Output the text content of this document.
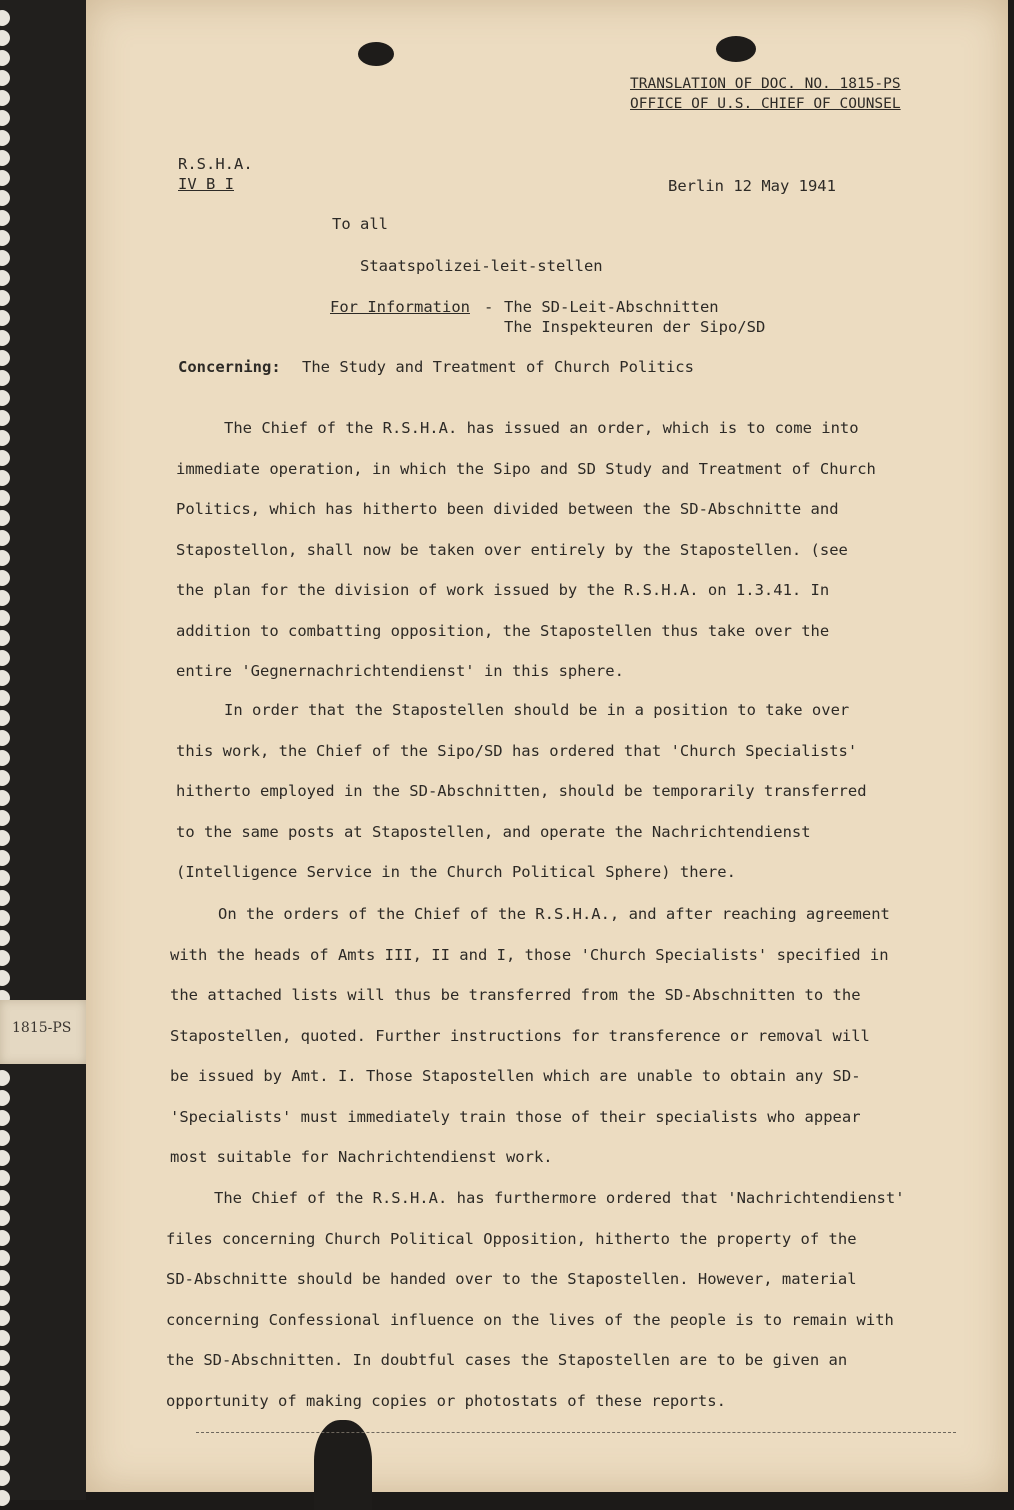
TRANSLATION OF DOC. NO. 1815-PS
OFFICE OF U.S. CHIEF OF COUNSEL
R.S.H.A.
IV B I	Berlin 12 May 1941
To all
Staatspolizei-leit-stellen
For Information - The SD-Leit-Abschnitten
The Inspekteuren der Sipo/SD
Concerning: The Study and Treatment of Church Politics
The Chief of the R.S.H.A. has issued an order, which is to come into
immediate operation, in which the Sipo and SD Study and Treatment of Church
Politics, which has hitherto been divided between the SD-Abschnitte and
Stapostellon, shall now be taken over entirely by the Stapostellen. (see
the plan for the division of work issued by the R.S.H.A. on 1.3.41. In
addition to combatting opposition, the Stapostellen thus take over the
entire 'Gegnernachrichtendienst' in this sphere.
In order that the Stapostellen should be in a position to take over
this work, the Chief of the Sipo/SD has ordered that 'Church Specialists'
hitherto employed in the SD-Abschnitten, should be temporarily transferred
to the same posts at Stapostellen, and operate the Nachrichtendienst
(Intelligence Service in the Church Political Sphere) there.
On the orders of the Chief of the R.S.H.A., and after reaching agreement
with the heads of Amts III, II and I, those 'Church Specialists' specified in
the attached lists will thus be transferred from the SD-Abschnitten to the
Stapostellen, quoted. Further instructions for transference or removal will
be issued by Amt. I. Those Stapostellen which are unable to obtain any SD-
'Specialists' must immediately train those of their specialists who appear
most suitable for Nachrichtendienst work.
The Chief of the R.S.H.A. has furthermore ordered that 'Nachrichtendienst'
files concerning Church Political Opposition, hitherto the property of the
SD-Abschnitte should be handed over to the Stapostellen. However, material
concerning Confessional influence on the lives of the people is to remain with
the SD-Abschnitten. In doubtful cases the Stapostellen are to be given an
opportunity of making copies or photostats of these reports.
1815-PS
